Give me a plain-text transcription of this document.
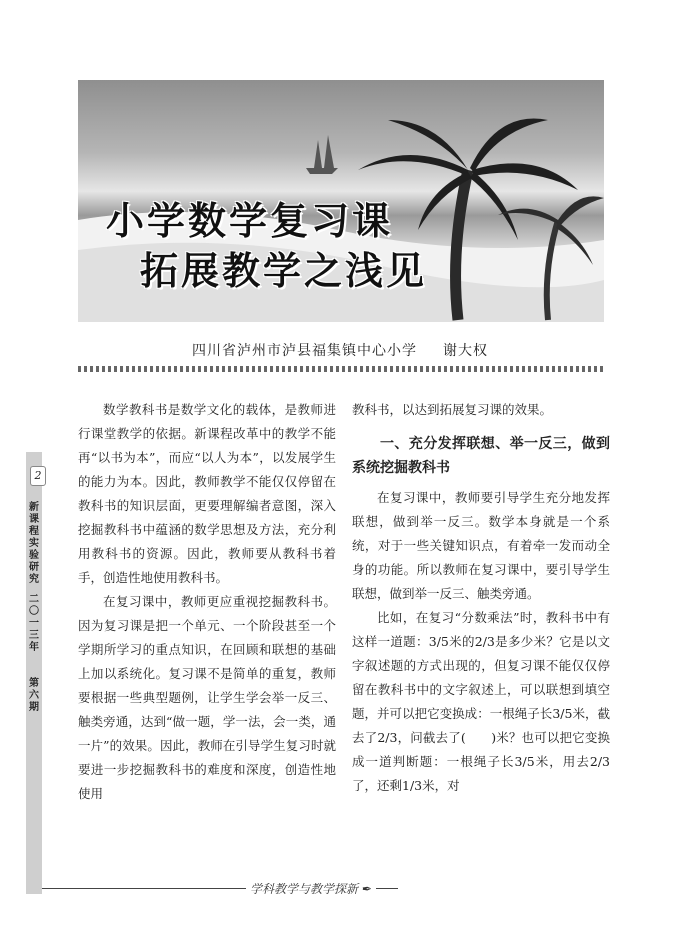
小学数学复习课
拓展教学之浅见
四川省泸州市泸县福集镇中心小学 谢大权
2
新课程实验研究
二〇一三年
第六期

数学教科书是数学文化的载体，是教师进行课堂教学的依据。新课程改革中的教学不能再“以书为本”，而应“以人为本”，以发展学生的能力为本。因此，教师教学不能仅仅停留在教科书的知识层面，更要理解编者意图，深入挖掘教科书中蕴涵的数学思想及方法，充分利用教科书的资源。因此，教师要从教科书着手，创造性地使用教科书。

在复习课中，教师更应重视挖掘教科书。因为复习课是把一个单元、一个阶段甚至一个学期所学习的重点知识，在回顾和联想的基础上加以系统化。复习课不是简单的重复，教师要根据一些典型题例，让学生学会举一反三、触类旁通，达到“做一题，学一法，会一类，通一片”的效果。因此，教师在引导学生复习时就要进一步挖掘教科书的难度和深度，创造性地使用

教科书，以达到拓展复习课的效果。

一、充分发挥联想、举一反三，做到系统挖掘教科书

在复习课中，教师要引导学生充分地发挥联想，做到举一反三。数学本身就是一个系统，对于一些关键知识点，有着牵一发而动全身的功能。所以教师在复习课中，要引导学生联想，做到举一反三、触类旁通。

比如，在复习“分数乘法”时，教科书中有这样一道题：3/5米的2/3是多少米？它是以文字叙述题的方式出现的，但复习课不能仅仅停留在教科书中的文字叙述上，可以联想到填空题，并可以把它变换成：一根绳子长3/5米，截去了2/3，问截去了(　　)米？也可以把它变换成一道判断题：一根绳子长3/5米，用去2/3了，还剩1/3米，对

学科教学与教学探新 ✒
